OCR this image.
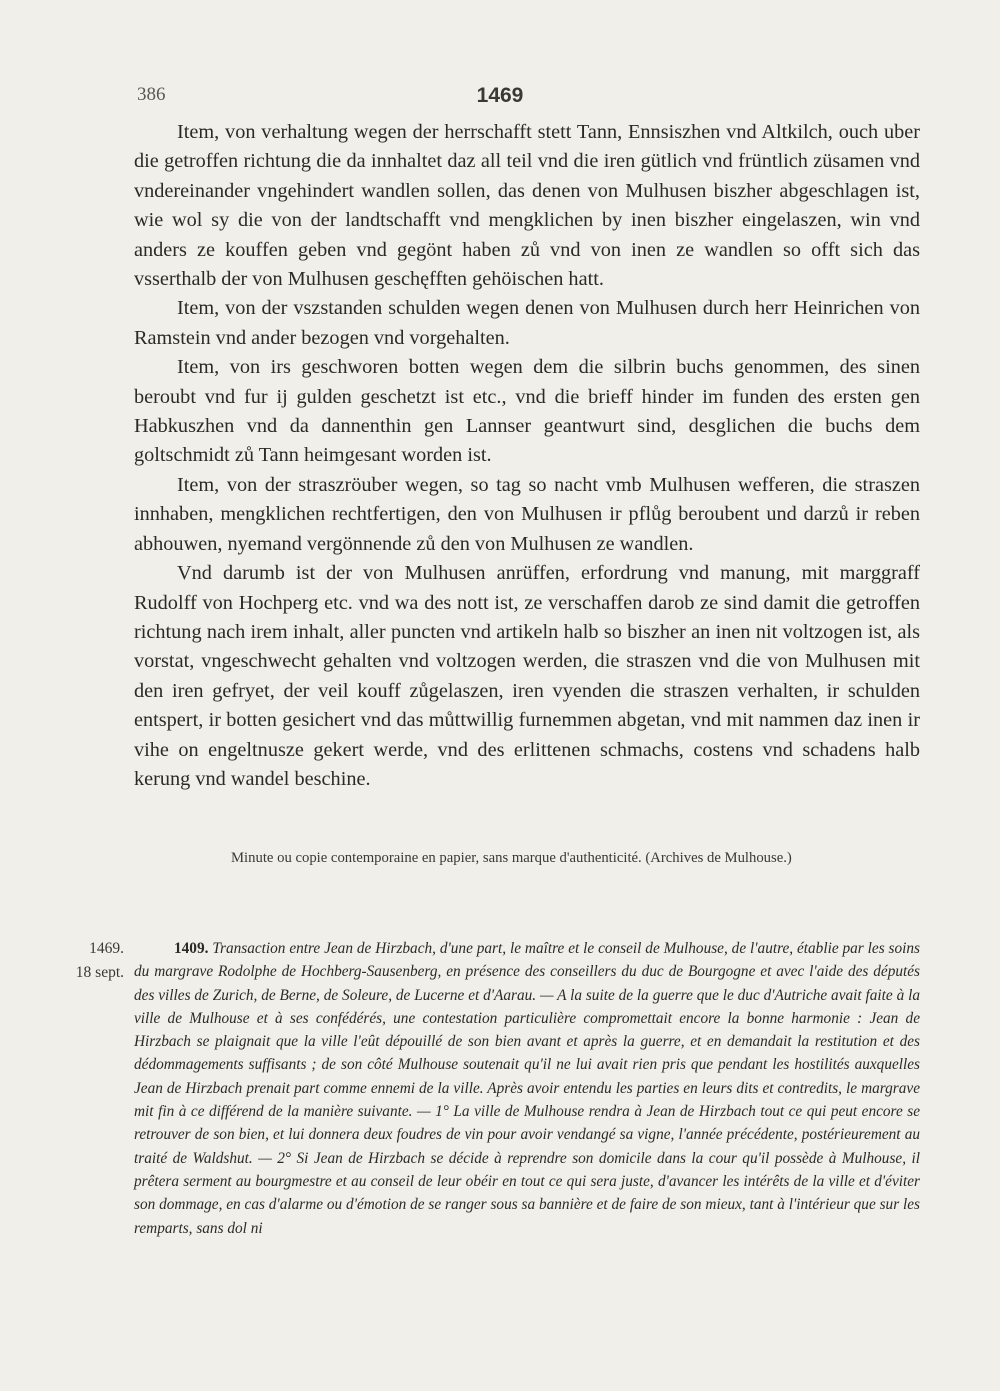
386	1469

Item, von verhaltung wegen der herrschafft stett Tann, Ennsiszhen vnd Altkilch, ouch uber die getroffen richtung die da innhaltet daz all teil vnd die iren gütlich vnd früntlich züsamen vnd vndereinander vngehindert wandlen sollen, das denen von Mulhusen biszher abgeschlagen ist, wie wol sy die von der landtschafft vnd mengklichen by inen biszher eingelaszen, win vnd anders ze kouffen geben vnd gegönt haben zů vnd von inen ze wandlen so offt sich das vsserthalb der von Mulhusen geschęfften gehöischen hatt.

Item, von der vszstanden schulden wegen denen von Mulhusen durch herr Heinrichen von Ramstein vnd ander bezogen vnd vorgehalten.

Item, von irs geschworen botten wegen dem die silbrin buchs genommen, des sinen beroubt vnd fur ij gulden geschetzt ist etc., vnd die brieff hinder im funden des ersten gen Habkuszhen vnd da dannenthin gen Lannser geantwurt sind, desglichen die buchs dem goltschmidt zů Tann heimgesant worden ist.

Item, von der straszröuber wegen, so tag so nacht vmb Mulhusen wefferen, die straszen innhaben, mengklichen rechtfertigen, den von Mulhusen ir pflůg beroubent und darzů ir reben abhouwen, nyemand vergönnende zů den von Mulhusen ze wandlen.

Vnd darumb ist der von Mulhusen anrüffen, erfordrung vnd manung, mit marggraff Rudolff von Hochperg etc. vnd wa des nott ist, ze verschaffen darob ze sind damit die getroffen richtung nach irem inhalt, aller puncten vnd artikeln halb so biszher an inen nit voltzogen ist, als vorstat, vngeschwecht gehalten vnd voltzogen werden, die straszen vnd die von Mulhusen mit den iren gefryet, der veil kouff zůgelaszen, iren vyenden die straszen verhalten, ir schulden entspert, ir botten gesichert vnd das můttwillig furnemmen abgetan, vnd mit nammen daz inen ir vihe on engeltnusze gekert werde, vnd des erlittenen schmachs, costens vnd schadens halb kerung vnd wandel beschine.

Minute ou copie contemporaine en papier, sans marque d'authenticité. (Archives de Mulhouse.)
1469.
18 sept.

1409. Transaction entre Jean de Hirzbach, d'une part, le maître et le conseil de Mulhouse, de l'autre, établie par les soins du margrave Rodolphe de Hochberg-Sausenberg, en présence des conseillers du duc de Bourgogne et avec l'aide des députés des villes de Zurich, de Berne, de Soleure, de Lucerne et d'Aarau. — A la suite de la guerre que le duc d'Autriche avait faite à la ville de Mulhouse et à ses confédérés, une contestation particulière compromettait encore la bonne harmonie : Jean de Hirzbach se plaignait que la ville l'eût dépouillé de son bien avant et après la guerre, et en demandait la restitution et des dédommagements suffisants ; de son côté Mulhouse soutenait qu'il ne lui avait rien pris que pendant les hostilités auxquelles Jean de Hirzbach prenait part comme ennemi de la ville. Après avoir entendu les parties en leurs dits et contredits, le margrave mit fin à ce différend de la manière suivante. — 1° La ville de Mulhouse rendra à Jean de Hirzbach tout ce qui peut encore se retrouver de son bien, et lui donnera deux foudres de vin pour avoir vendangé sa vigne, l'année précédente, postérieurement au traité de Waldshut. — 2° Si Jean de Hirzbach se décide à reprendre son domicile dans la cour qu'il possède à Mulhouse, il prêtera serment au bourgmestre et au conseil de leur obéir en tout ce qui sera juste, d'avancer les intérêts de la ville et d'éviter son dommage, en cas d'alarme ou d'émotion de se ranger sous sa bannière et de faire de son mieux, tant à l'intérieur que sur les remparts, sans dol ni
